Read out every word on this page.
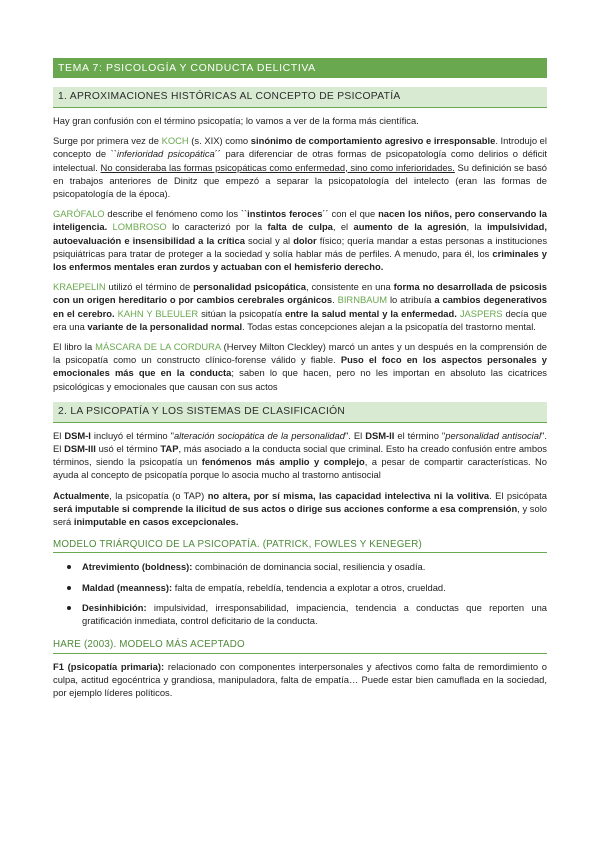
TEMA 7: PSICOLOGÍA Y CONDUCTA DELICTIVA
1. APROXIMACIONES HISTÓRICAS AL CONCEPTO DE PSICOPATÍA

Hay gran confusión con el término psicopatía; lo vamos a ver de la forma más científica.

Surge por primera vez de KOCH (s. XIX) como sinónimo de comportamiento agresivo e irresponsable. Introdujo el concepto de ``inferioridad psicopática´´ para diferenciar de otras formas de psicopatología como delirios o déficit intelectual. No consideraba las formas psicopáticas como enfermedad, sino como inferioridades. Su definición se basó en trabajos anteriores de Dinitz que empezó a separar la psicopatología del intelecto (eran las formas de psicopatología de la época).

GARÓFALO describe el fenómeno como los ``instintos feroces´´ con el que nacen los niños, pero conservando la inteligencia. LOMBROSO lo caracterizó por la falta de culpa, el aumento de la agresión, la impulsividad, autoevaluación e insensibilidad a la crítica social y al dolor físico; quería mandar a estas personas a instituciones psiquiátricas para tratar de proteger a la sociedad y solía hablar más de perfiles. A menudo, para él, los criminales y los enfermos mentales eran zurdos y actuaban con el hemisferio derecho.

KRAEPELIN utilizó el término de personalidad psicopática, consistente en una forma no desarrollada de psicosis con un origen hereditario o por cambios cerebrales orgánicos. BIRNBAUM lo atribuía a cambios degenerativos en el cerebro. KAHN Y BLEULER sitúan la psicopatía entre la salud mental y la enfermedad. JASPERS decía que era una variante de la personalidad normal. Todas estas concepciones alejan a la psicopatía del trastorno mental.

El libro la MÁSCARA DE LA CORDURA (Hervey Milton Cleckley) marcó un antes y un después en la comprensión de la psicopatía como un constructo clínico-forense válido y fiable. Puso el foco en los aspectos personales y emocionales más que en la conducta; saben lo que hacen, pero no les importan en absoluto las cicatrices psicológicas y emocionales que causan con sus actos

2. LA PSICOPATÍA Y LOS SISTEMAS DE CLASIFICACIÓN

El DSM-I incluyó el término "alteración sociopática de la personalidad". El DSM-II el término "personalidad antisocial". El DSM-III usó el término TAP, más asociado a la conducta social que criminal. Esto ha creado confusión entre ambos términos, siendo la psicopatía un fenómenos más amplio y complejo, a pesar de compartir características. No ayuda al concepto de psicopatía porque lo asocia mucho al trastorno antisocial

Actualmente, la psicopatía (o TAP) no altera, por sí misma, las capacidad intelectiva ni la volitiva. El psicópata será imputable si comprende la ilicitud de sus actos o dirige sus acciones conforme a esa comprensión, y solo será inimputable en casos excepcionales.

MODELO TRIÁRQUICO DE LA PSICOPATÍA. (PATRICK, FOWLES Y KENEGER)
Atrevimiento (boldness): combinación de dominancia social, resiliencia y osadía.
Maldad (meanness): falta de empatía, rebeldía, tendencia a explotar a otros, crueldad.
Desinhibición: impulsividad, irresponsabilidad, impaciencia, tendencia a conductas que reporten una gratificación inmediata, control deficitario de la conducta.
HARE (2003). MODELO MÁS ACEPTADO

F1 (psicopatía primaria): relacionado con componentes interpersonales y afectivos como falta de remordimiento o culpa, actitud egocéntrica y grandiosa, manipuladora, falta de empatía… Puede estar bien camuflada en la sociedad, por ejemplo líderes políticos.
